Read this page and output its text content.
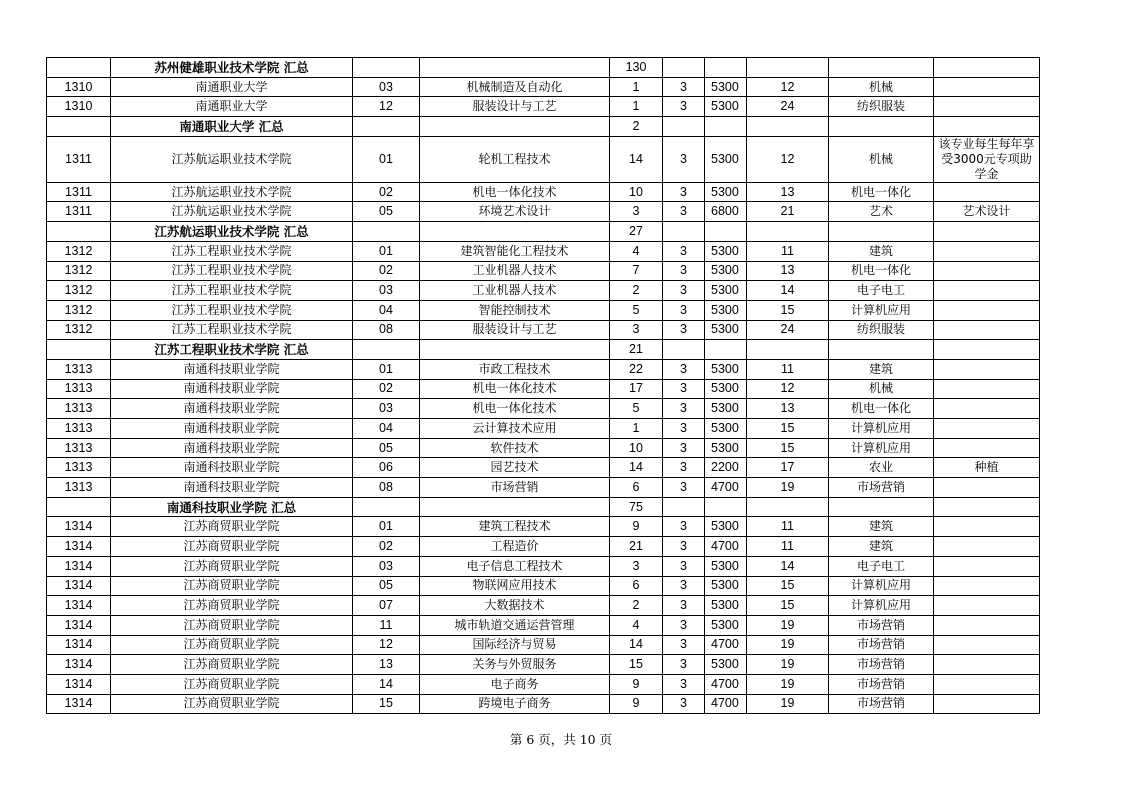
	苏州健雄职业技术学院 汇总			130					
1310	南通职业大学	03	机械制造及自动化	1	3	5300	12	机械	
1310	南通职业大学	12	服装设计与工艺	1	3	5300	24	纺织服装	
	南通职业大学 汇总			2					
1311	江苏航运职业技术学院	01	轮机工程技术	14	3	5300	12	机械	该专业每生每年享受3000元专项助学金
1311	江苏航运职业技术学院	02	机电一体化技术	10	3	5300	13	机电一体化	
1311	江苏航运职业技术学院	05	环境艺术设计	3	3	6800	21	艺术	艺术设计
	江苏航运职业技术学院 汇总			27					
1312	江苏工程职业技术学院	01	建筑智能化工程技术	4	3	5300	11	建筑	
1312	江苏工程职业技术学院	02	工业机器人技术	7	3	5300	13	机电一体化	
1312	江苏工程职业技术学院	03	工业机器人技术	2	3	5300	14	电子电工	
1312	江苏工程职业技术学院	04	智能控制技术	5	3	5300	15	计算机应用	
1312	江苏工程职业技术学院	08	服装设计与工艺	3	3	5300	24	纺织服装	
	江苏工程职业技术学院 汇总			21					
1313	南通科技职业学院	01	市政工程技术	22	3	5300	11	建筑	
1313	南通科技职业学院	02	机电一体化技术	17	3	5300	12	机械	
1313	南通科技职业学院	03	机电一体化技术	5	3	5300	13	机电一体化	
1313	南通科技职业学院	04	云计算技术应用	1	3	5300	15	计算机应用	
1313	南通科技职业学院	05	软件技术	10	3	5300	15	计算机应用	
1313	南通科技职业学院	06	园艺技术	14	3	2200	17	农业	种植
1313	南通科技职业学院	08	市场营销	6	3	4700	19	市场营销	
	南通科技职业学院 汇总			75					
1314	江苏商贸职业学院	01	建筑工程技术	9	3	5300	11	建筑	
1314	江苏商贸职业学院	02	工程造价	21	3	4700	11	建筑	
1314	江苏商贸职业学院	03	电子信息工程技术	3	3	5300	14	电子电工	
1314	江苏商贸职业学院	05	物联网应用技术	6	3	5300	15	计算机应用	
1314	江苏商贸职业学院	07	大数据技术	2	3	5300	15	计算机应用	
1314	江苏商贸职业学院	11	城市轨道交通运营管理	4	3	5300	19	市场营销	
1314	江苏商贸职业学院	12	国际经济与贸易	14	3	4700	19	市场营销	
1314	江苏商贸职业学院	13	关务与外贸服务	15	3	5300	19	市场营销	
1314	江苏商贸职业学院	14	电子商务	9	3	4700	19	市场营销	
1314	江苏商贸职业学院	15	跨境电子商务	9	3	4700	19	市场营销	
第 6 页，共 10 页
